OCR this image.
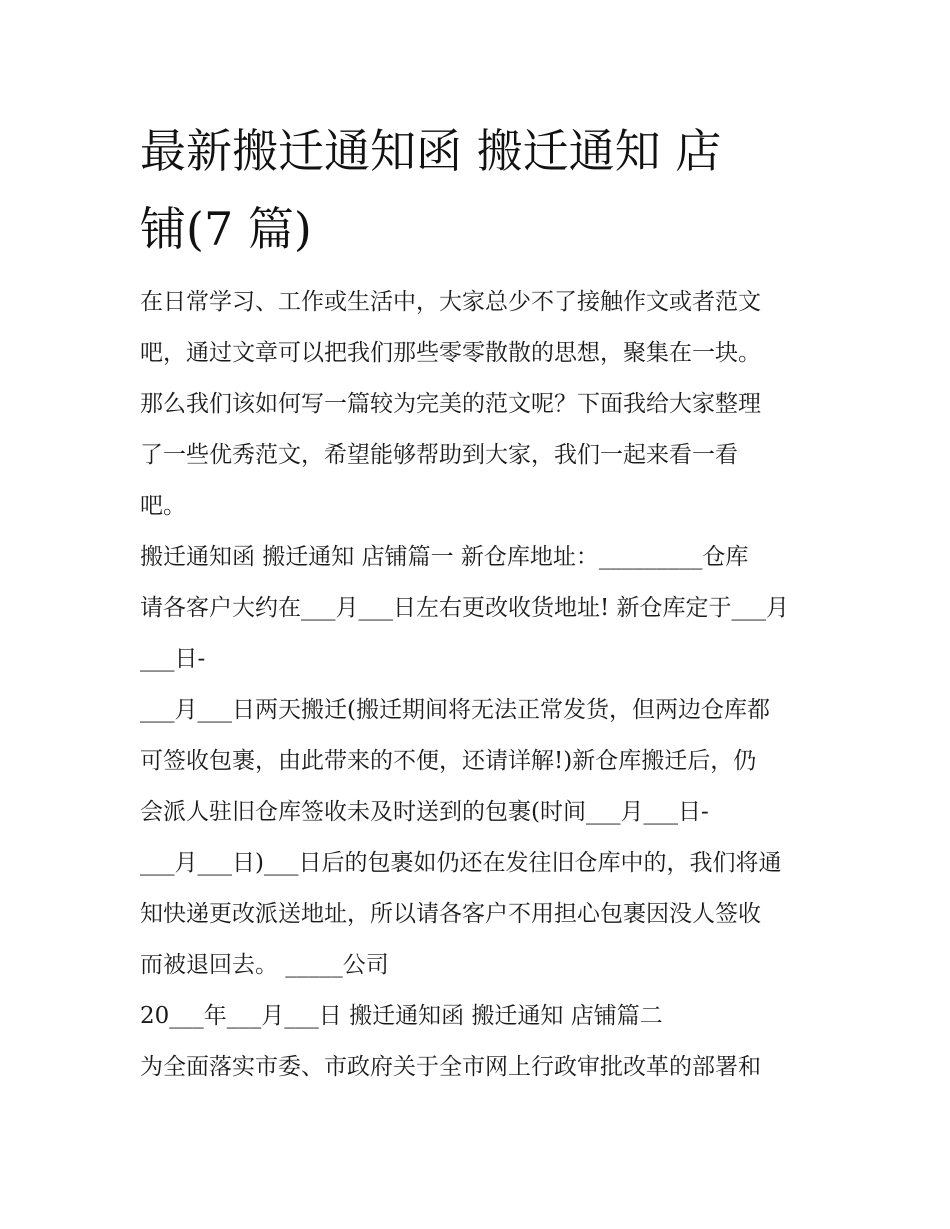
最新搬迁通知函 搬迁通知 店
铺(7 篇)
在日常学习、工作或生活中，大家总少不了接触作文或者范文
吧，通过文章可以把我们那些零零散散的思想，聚集在一块。
那么我们该如何写一篇较为完美的范文呢？下面我给大家整理
了一些优秀范文，希望能够帮助到大家，我们一起来看一看
吧。
搬迁通知函 搬迁通知 店铺篇一 新仓库地址：_________仓库
请各客户大约在___月___日左右更改收货地址! 新仓库定于___月
___日-
___月___日两天搬迁(搬迁期间将无法正常发货，但两边仓库都
可签收包裹，由此带来的不便，还请详解!)新仓库搬迁后，仍
会派人驻旧仓库签收未及时送到的包裹(时间___月___日-
___月___日)___日后的包裹如仍还在发往旧仓库中的，我们将通
知快递更改派送地址，所以请各客户不用担心包裹因没人签收
而被退回去。 _____公司
20___年___月___日 搬迁通知函 搬迁通知 店铺篇二
为全面落实市委、市政府关于全市网上行政审批改革的部署和
